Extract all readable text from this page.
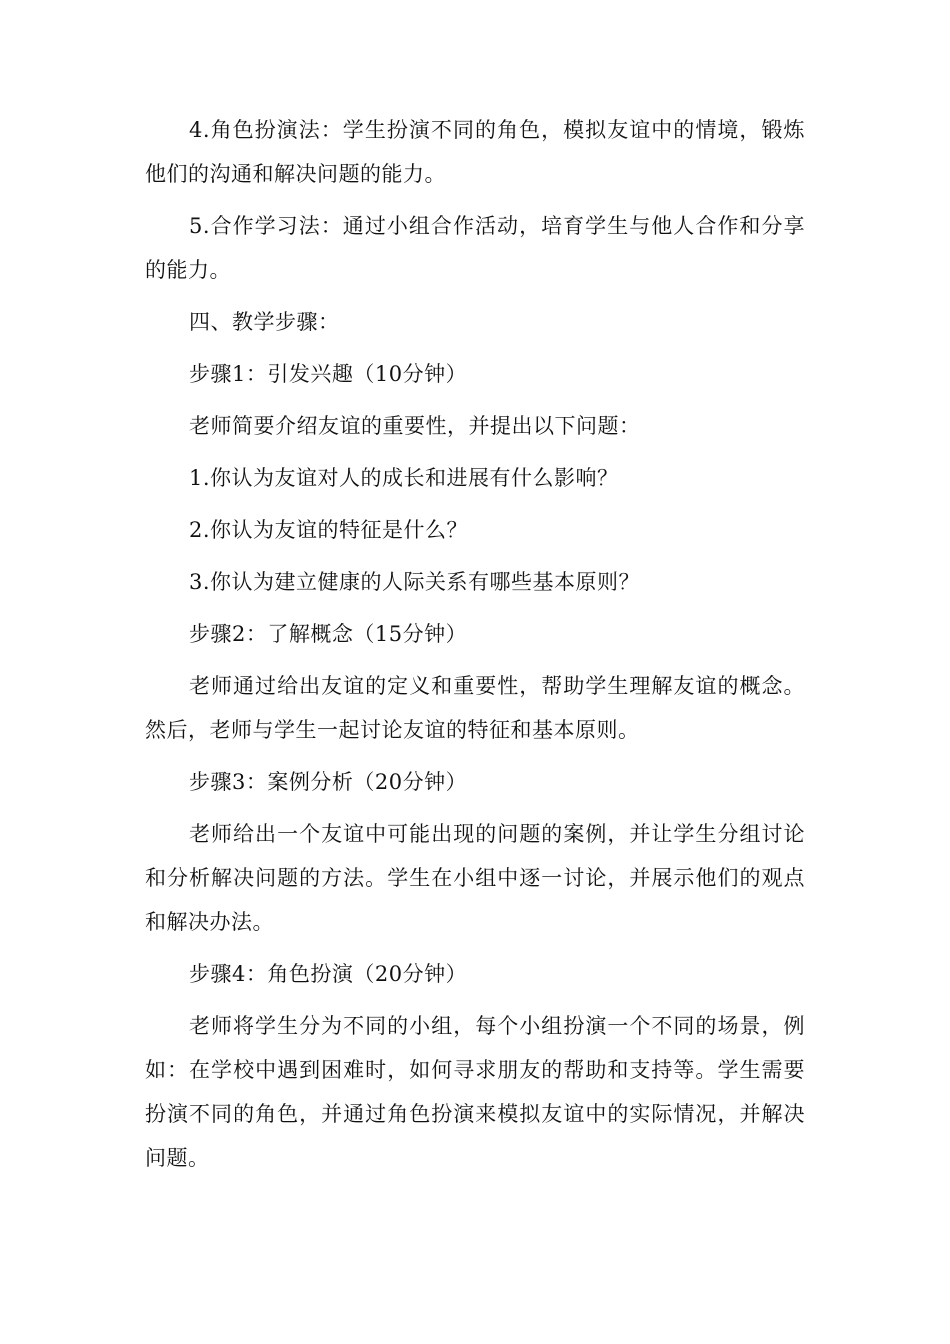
4.角色扮演法：学生扮演不同的角色，模拟友谊中的情境，锻炼他们的沟通和解决问题的能力。

5.合作学习法：通过小组合作活动，培育学生与他人合作和分享的能力。

四、教学步骤：

步骤1：引发兴趣（10分钟）

老师简要介绍友谊的重要性，并提出以下问题：

1.你认为友谊对人的成长和进展有什么影响？

2.你认为友谊的特征是什么？

3.你认为建立健康的人际关系有哪些基本原则？

步骤2：了解概念（15分钟）

老师通过给出友谊的定义和重要性，帮助学生理解友谊的概念。然后，老师与学生一起讨论友谊的特征和基本原则。

步骤3：案例分析（20分钟）

老师给出一个友谊中可能出现的问题的案例，并让学生分组讨论和分析解决问题的方法。学生在小组中逐一讨论，并展示他们的观点和解决办法。

步骤4：角色扮演（20分钟）

老师将学生分为不同的小组，每个小组扮演一个不同的场景，例如：在学校中遇到困难时，如何寻求朋友的帮助和支持等。学生需要扮演不同的角色，并通过角色扮演来模拟友谊中的实际情况，并解决问题。
